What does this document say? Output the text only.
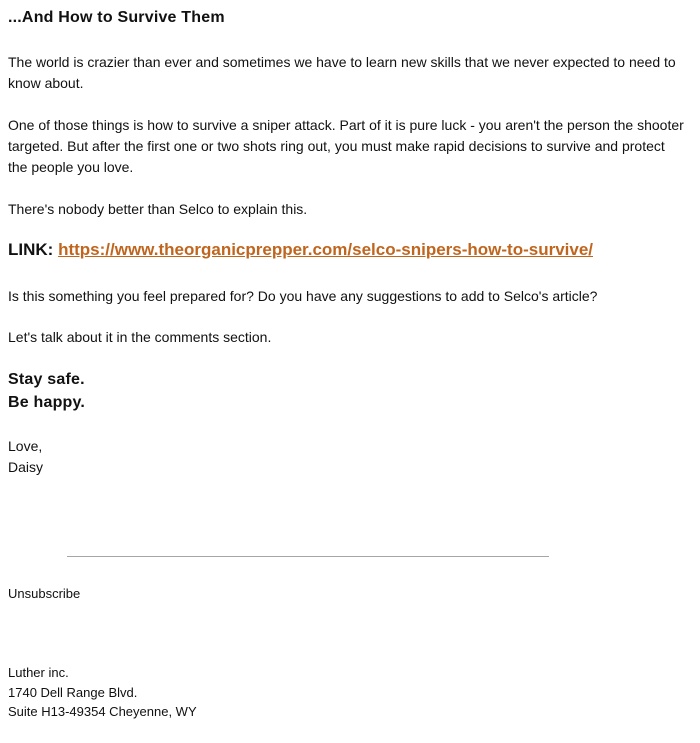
...And How to Survive Them

The world is crazier than ever and sometimes we have to learn new skills that we never expected to need to know about.

One of those things is how to survive a sniper attack. Part of it is pure luck - you aren't the person the shooter targeted. But after the first one or two shots ring out, you must make rapid decisions to survive and protect the people you love.

There's nobody better than Selco to explain this.

LINK: https://www.theorganicprepper.com/selco-snipers-how-to-survive/

Is this something you feel prepared for? Do you have any suggestions to add to Selco's article?

Let's talk about it in the comments section.

Stay safe.

Be happy.

Love,

Daisy

Unsubscribe
Luther inc.
1740 Dell Range Blvd.
Suite H13-49354 Cheyenne, WY
